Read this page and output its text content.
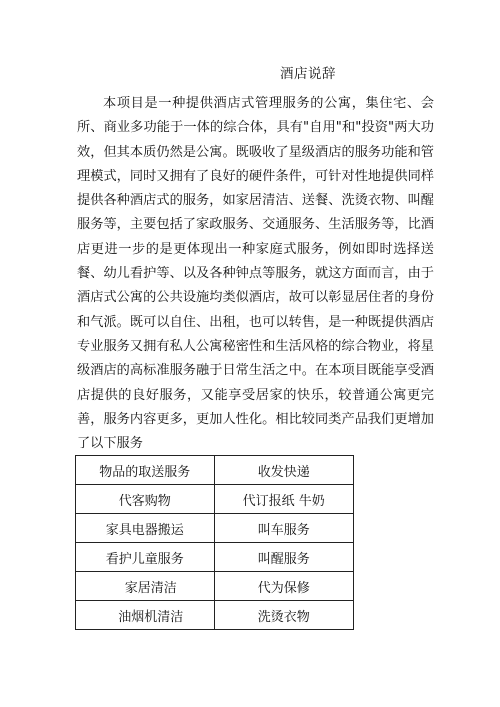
酒店说辞

本项目是一种提供酒店式管理服务的公寓，集住宅、会所、商业多功能于一体的综合体，具有"自用"和"投资"两大功效，但其本质仍然是公寓。既吸收了星级酒店的服务功能和管理模式，同时又拥有了良好的硬件条件，可针对性地提供同样提供各种酒店式的服务，如家居清洁、送餐、洗烫衣物、叫醒服务等，主要包括了家政服务、交通服务、生活服务等，比酒店更进一步的是更体现出一种家庭式服务，例如即时选择送餐、幼儿看护等、以及各种钟点等服务，就这方面而言，由于酒店式公寓的公共设施均类似酒店，故可以彰显居住者的身份和气派。既可以自住、出租，也可以转售，是一种既提供酒店专业服务又拥有私人公寓秘密性和生活风格的综合物业，将星级酒店的高标准服务融于日常生活之中。在本项目既能享受酒店提供的良好服务，又能享受居家的快乐，较普通公寓更完善，服务内容更多，更加人性化。相比较同类产品我们更增加了以下服务

物品的取送服务	收发快递
代客购物	代订报纸 牛奶
家具电器搬运	叫车服务
看护儿童服务	叫醒服务
家居清洁	代为保修
油烟机清洁	洗烫衣物
